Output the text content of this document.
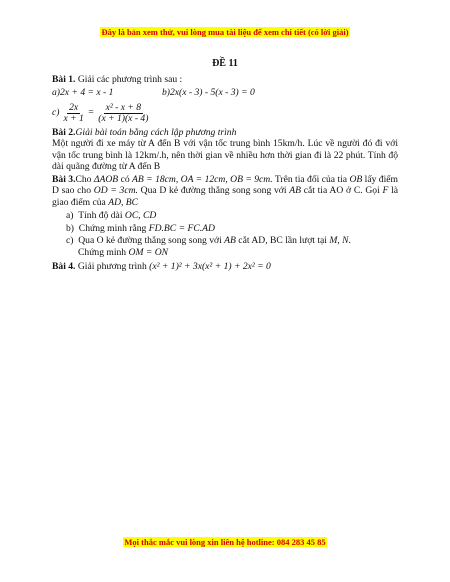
Đây là bản xem thử, vui lòng mua tài liệu để xem chi tiết (có lời giải)
ĐỀ 11
Bài 1. Giải các phương trình sau :
a)2x + 4 = x - 1	b)2x(x - 3) - 5(x - 3) = 0
$c) \frac{2x}{x + 1} = \frac{\text{x² - x + 8}}{(x + 1)(x - 4)}$
Bài 2.Giải bài toán bằng cách lập phương trình
Một người đi xe máy từ A đến B với vận tốc trung bình 15km/h. Lúc về người đó đi với vận tốc trung bình là 12km/.h, nên thời gian về nhiều hơn thời gian đi là 22 phút. Tính độ dài quãng đường từ A đến B
Bài 3.Cho ΔAOB có AB = 18cm, OA = 12cm, OB = 9cm. Trên tia đối của tia OB lấy điểm D sao cho OD = 3cm. Qua D kẻ đường thẳng song song với AB cắt tia AO ở C. Gọi F là giao điểm của AD, BC
a) Tính độ dài OC, CD
b) Chứng minh rằng FD.BC = FC.AD
c) Qua O kẻ đường thẳng song song với AB cắt AD, BC lần lượt tại M, N.
Chứng minh OM = ON
Bài 4. Giải phương trình (x² + 1)² + 3x(x² + 1) + 2x² = 0
Mọi thắc mắc vui lòng xin liên hệ hotline: 084 283 45 85
